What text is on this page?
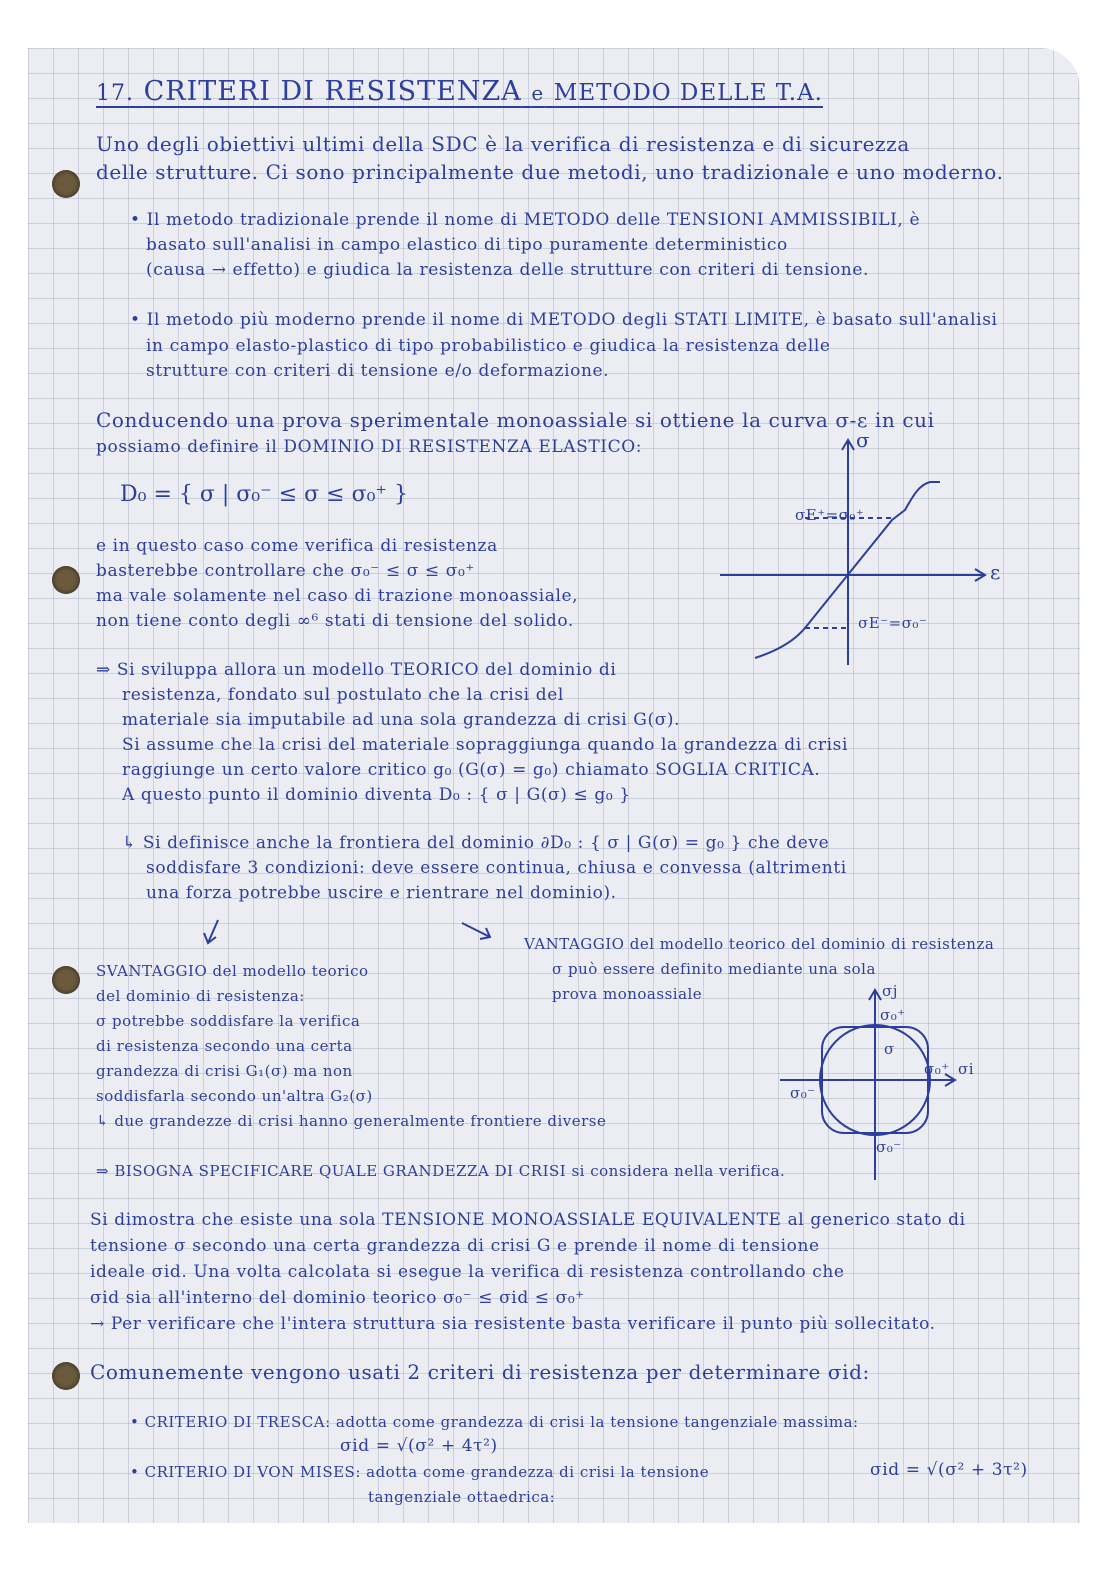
17. CRITERI DI RESISTENZA e METODO DELLE T.A.
Uno degli obiettivi ultimi della SDC è la verifica di resistenza e di sicurezza
delle strutture. Ci sono principalmente due metodi, uno tradizionale e uno moderno.
• Il metodo tradizionale prende il nome di METODO delle TENSIONI AMMISSIBILI, è
basato sull'analisi in campo elastico di tipo puramente deterministico
(causa → effetto) e giudica la resistenza delle strutture con criteri di tensione.
• Il metodo più moderno prende il nome di METODO degli STATI LIMITE, è basato sull'analisi
in campo elasto-plastico di tipo probabilistico e giudica la resistenza delle
strutture con criteri di tensione e/o deformazione.
Conducendo una prova sperimentale monoassiale si ottiene la curva σ-ε in cui
possiamo definire il DOMINIO DI RESISTENZA ELASTICO:
D₀ = { σ | σ₀⁻ ≤ σ ≤ σ₀⁺ }
e in questo caso come verifica di resistenza
basterebbe controllare che σ₀⁻ ≤ σ ≤ σ₀⁺
ma vale solamente nel caso di trazione monoassiale,
non tiene conto degli ∞⁶ stati di tensione del solido.
σ
ε
σE⁺=σ₀⁺
σE⁻=σ₀⁻
⇒ Si sviluppa allora un modello TEORICO del dominio di
resistenza, fondato sul postulato che la crisi del
materiale sia imputabile ad una sola grandezza di crisi G(σ).
Si assume che la crisi del materiale sopraggiunga quando la grandezza di crisi
raggiunge un certo valore critico g₀ (G(σ) = g₀) chiamato SOGLIA CRITICA.
A questo punto il dominio diventa D₀ : { σ | G(σ) ≤ g₀ }
↳ Si definisce anche la frontiera del dominio ∂D₀ : { σ | G(σ) = g₀ } che deve
soddisfare 3 condizioni: deve essere continua, chiusa e convessa (altrimenti
una forza potrebbe uscire e rientrare nel dominio).
VANTAGGIO del modello teorico del dominio di resistenza
σ può essere definito mediante una sola
prova monoassiale
SVANTAGGIO del modello teorico
del dominio di resistenza:
σ potrebbe soddisfare la verifica
di resistenza secondo una certa
grandezza di crisi G₁(σ) ma non
soddisfarla secondo un'altra G₂(σ)
↳ due grandezze di crisi hanno generalmente frontiere diverse
σj
σi
σ₀⁺
σ₀⁺
σ₀⁻
σ₀⁻
σ
⇒ BISOGNA SPECIFICARE QUALE GRANDEZZA DI CRISI si considera nella verifica.
Si dimostra che esiste una sola TENSIONE MONOASSIALE EQUIVALENTE al generico stato di
tensione σ secondo una certa grandezza di crisi G e prende il nome di tensione
ideale σid. Una volta calcolata si esegue la verifica di resistenza controllando che
σid sia all'interno del dominio teorico σ₀⁻ ≤ σid ≤ σ₀⁺
→ Per verificare che l'intera struttura sia resistente basta verificare il punto più sollecitato.
Comunemente vengono usati 2 criteri di resistenza per determinare σid:
• CRITERIO DI TRESCA: adotta come grandezza di crisi la tensione tangenziale massima:
σid = √(σ² + 4τ²)
• CRITERIO DI VON MISES: adotta come grandezza di crisi la tensione	σid = √(σ² + 3τ²)
tangenziale ottaedrica:
